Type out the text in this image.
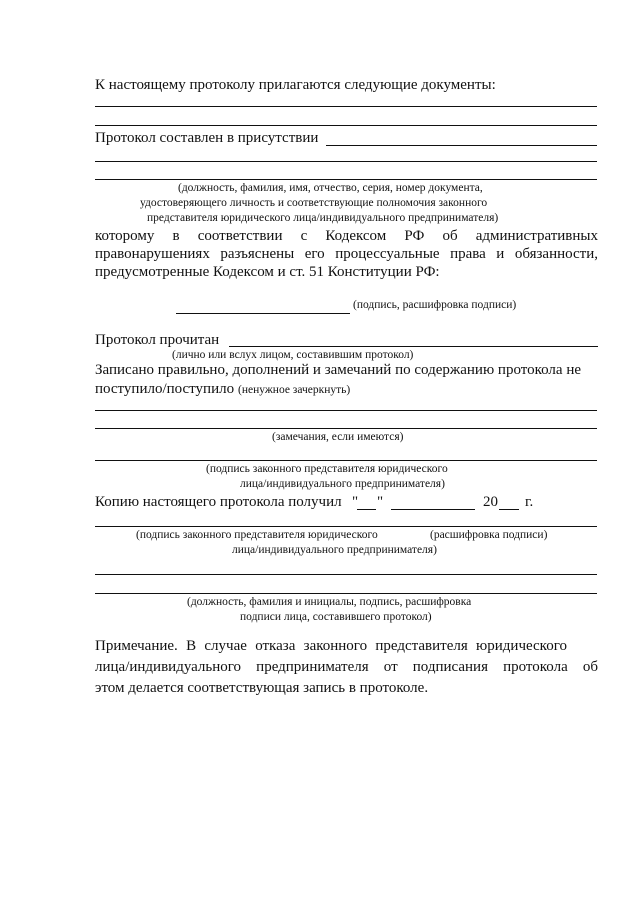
К настоящему протоколу прилагаются следующие документы:
Протокол составлен в присутствии
(должность, фамилия, имя, отчество, серия, номер документа,
удостоверяющего личность и соответствующие полномочия законного
представителя юридического лица/индивидуального предпринимателя)
которому в соответствии с Кодексом РФ об административных
правонарушениях разъяснены его процессуальные права и обязанности,
предусмотренные Кодексом и ст. 51 Конституции РФ:
(подпись, расшифровка подписи)
Протокол прочитан
(лично или вслух лицом, составившим протокол)
Записано правильно, дополнений и замечаний по содержанию протокола не
поступило/поступило (ненужное зачеркнуть)
(замечания, если имеются)
(подпись законного представителя юридического
лица/индивидуального предпринимателя)
Копию настоящего протокола получил " "	20 г.
(подпись законного представителя юридического	(расшифровка подписи)
лица/индивидуального предпринимателя)
(должность, фамилия и инициалы, подпись, расшифровка
подписи лица, составившего протокол)
Примечание. В случае отказа законного представителя юридического
лица/индивидуального предпринимателя от подписания протокола об
этом делается соответствующая запись в протоколе.
